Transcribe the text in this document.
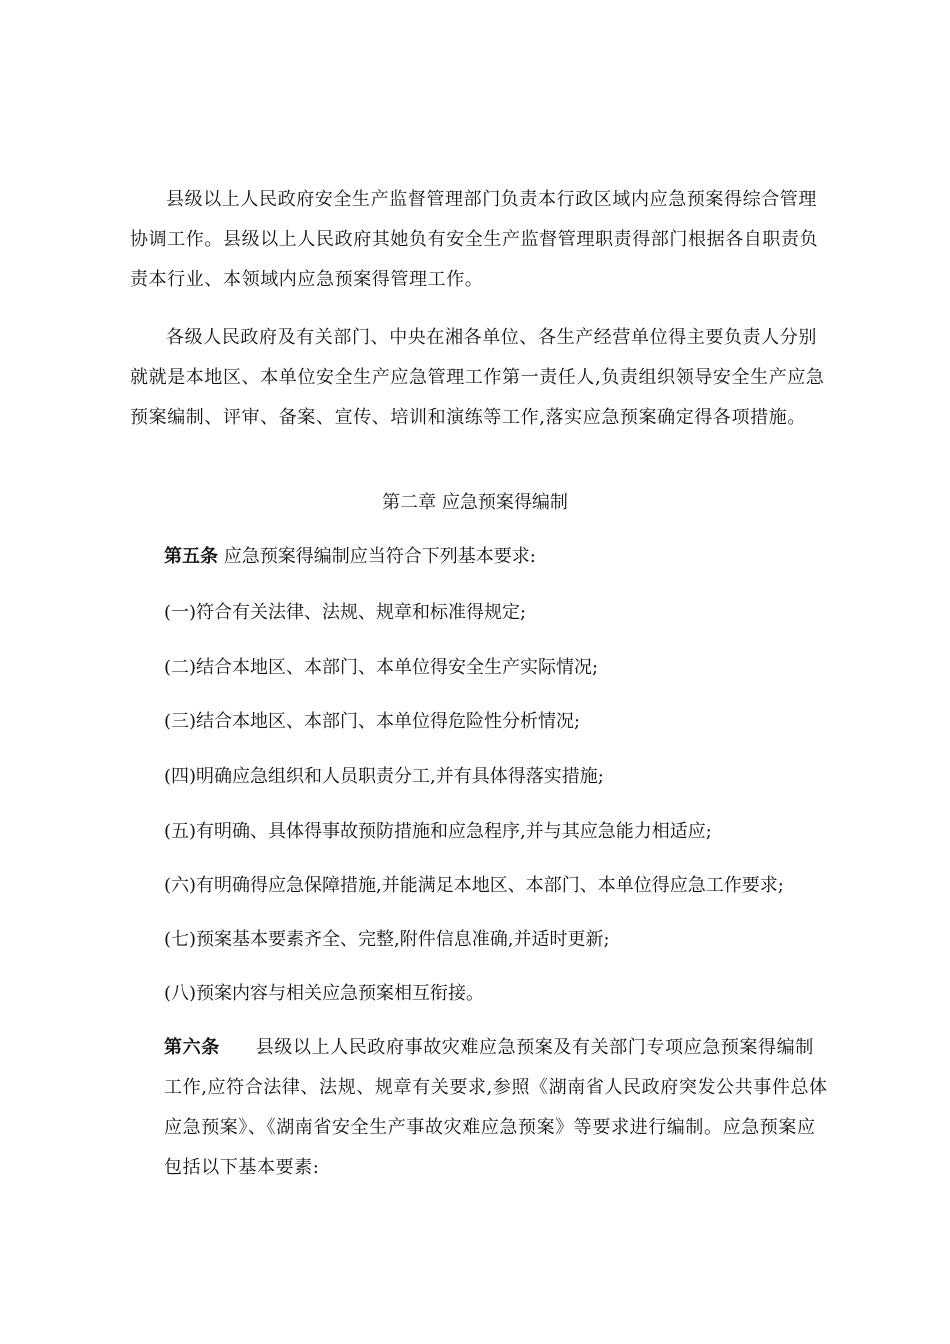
县级以上人民政府安全生产监督管理部门负责本行政区域内应急预案得综合管理协调工作。县级以上人民政府其她负有安全生产监督管理职责得部门根据各自职责负责本行业、本领域内应急预案得管理工作。
各级人民政府及有关部门、中央在湘各单位、各生产经营单位得主要负责人分别就就是本地区、本单位安全生产应急管理工作第一责任人,负责组织领导安全生产应急预案编制、评审、备案、宣传、培训和演练等工作,落实应急预案确定得各项措施。
第二章 应急预案得编制
第五条 应急预案得编制应当符合下列基本要求:
(一)符合有关法律、法规、规章和标准得规定;
(二)结合本地区、本部门、本单位得安全生产实际情况;
(三)结合本地区、本部门、本单位得危险性分析情况;
(四)明确应急组织和人员职责分工,并有具体得落实措施;
(五)有明确、具体得事故预防措施和应急程序,并与其应急能力相适应;
(六)有明确得应急保障措施,并能满足本地区、本部门、本单位得应急工作要求;
(七)预案基本要素齐全、完整,附件信息准确,并适时更新;
(八)预案内容与相关应急预案相互衔接。
第六条 县级以上人民政府事故灾难应急预案及有关部门专项应急预案得编制工作,应符合法律、法规、规章有关要求,参照《湖南省人民政府突发公共事件总体应急预案》、《湖南省安全生产事故灾难应急预案》等要求进行编制。应急预案应包括以下基本要素:
